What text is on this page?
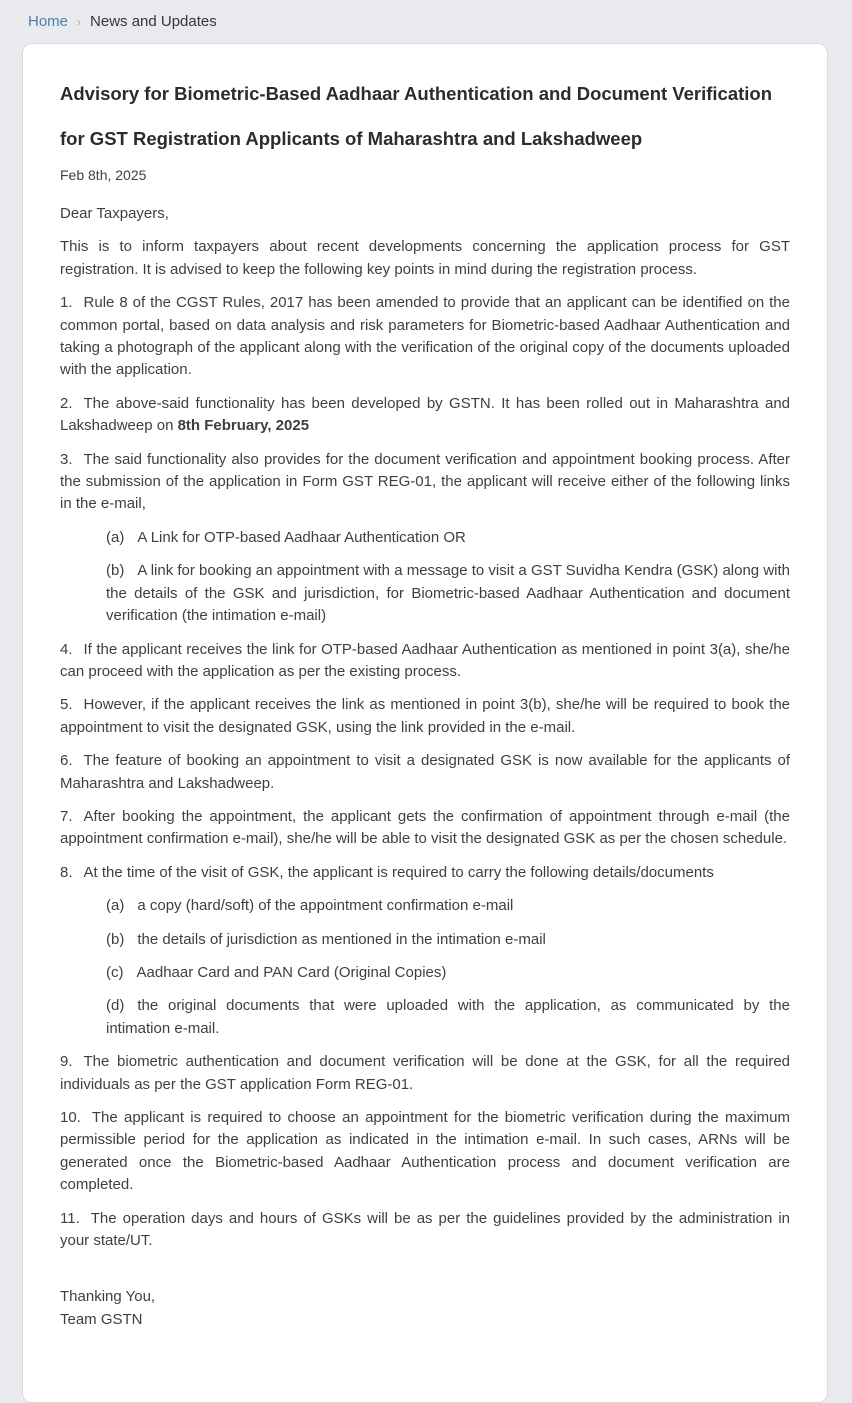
Home › News and Updates
Advisory for Biometric-Based Aadhaar Authentication and Document Verification for GST Registration Applicants of Maharashtra and Lakshadweep
Feb 8th, 2025

Dear Taxpayers,

This is to inform taxpayers about recent developments concerning the application process for GST registration. It is advised to keep the following key points in mind during the registration process.

1. Rule 8 of the CGST Rules, 2017 has been amended to provide that an applicant can be identified on the common portal, based on data analysis and risk parameters for Biometric-based Aadhaar Authentication and taking a photograph of the applicant along with the verification of the original copy of the documents uploaded with the application.

2. The above-said functionality has been developed by GSTN. It has been rolled out in Maharashtra and Lakshadweep on 8th February, 2025

3. The said functionality also provides for the document verification and appointment booking process. After the submission of the application in Form GST REG-01, the applicant will receive either of the following links in the e-mail,

(a) A Link for OTP-based Aadhaar Authentication OR

(b) A link for booking an appointment with a message to visit a GST Suvidha Kendra (GSK) along with the details of the GSK and jurisdiction, for Biometric-based Aadhaar Authentication and document verification (the intimation e-mail)

4. If the applicant receives the link for OTP-based Aadhaar Authentication as mentioned in point 3(a), she/he can proceed with the application as per the existing process.

5. However, if the applicant receives the link as mentioned in point 3(b), she/he will be required to book the appointment to visit the designated GSK, using the link provided in the e-mail.

6. The feature of booking an appointment to visit a designated GSK is now available for the applicants of Maharashtra and Lakshadweep.

7. After booking the appointment, the applicant gets the confirmation of appointment through e-mail (the appointment confirmation e-mail), she/he will be able to visit the designated GSK as per the chosen schedule.

8. At the time of the visit of GSK, the applicant is required to carry the following details/documents

(a) a copy (hard/soft) of the appointment confirmation e-mail

(b) the details of jurisdiction as mentioned in the intimation e-mail

(c) Aadhaar Card and PAN Card (Original Copies)

(d) the original documents that were uploaded with the application, as communicated by the intimation e-mail.

9. The biometric authentication and document verification will be done at the GSK, for all the required individuals as per the GST application Form REG-01.

10. The applicant is required to choose an appointment for the biometric verification during the maximum permissible period for the application as indicated in the intimation e-mail. In such cases, ARNs will be generated once the Biometric-based Aadhaar Authentication process and document verification are completed.

11. The operation days and hours of GSKs will be as per the guidelines provided by the administration in your state/UT.

Thanking You,
Team GSTN
